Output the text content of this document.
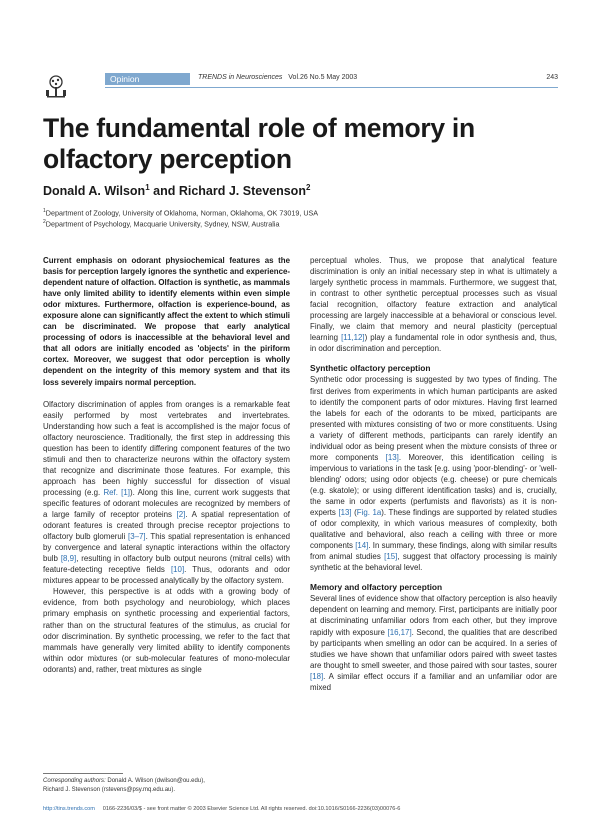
Opinion	TRENDS in Neurosciences Vol.26 No.5 May 2003	243
The fundamental role of memory in olfactory perception
Donald A. Wilson$^1$ and Richard J. Stevenson$^2$
$^1$Department of Zoology, University of Oklahoma, Norman, Oklahoma, OK 73019, USA
$^2$Department of Psychology, Macquarie University, Sydney, NSW, Australia

Current emphasis on odorant physiochemical features as the basis for perception largely ignores the synthetic and experience-dependent nature of olfaction. Olfaction is synthetic, as mammals have only limited ability to identify elements within even simple odor mixtures. Furthermore, olfaction is experience-bound, as exposure alone can significantly affect the extent to which stimuli can be discriminated. We propose that early analytical processing of odors is inaccessible at the behavioral level and that all odors are initially encoded as 'objects' in the piriform cortex. Moreover, we suggest that odor perception is wholly dependent on the integrity of this memory system and that its loss severely impairs normal perception.

Olfactory discrimination of apples from oranges is a remarkable feat easily performed by most vertebrates and invertebrates. Understanding how such a feat is accomplished is the major focus of olfactory neuroscience. Traditionally, the first step in addressing this question has been to identify differing component features of the two stimuli and then to characterize neurons within the olfactory system that recognize and discriminate those features. For example, this approach has been highly successful for dissection of visual processing (e.g. Ref. [1]). Along this line, current work suggests that specific features of odorant molecules are recognized by members of a large family of receptor proteins [2]. A spatial representation of odorant features is created through precise receptor projections to olfactory bulb glomeruli [3–7]. This spatial representation is enhanced by convergence and lateral synaptic interactions within the olfactory bulb [8,9], resulting in olfactory bulb output neurons (mitral cells) with feature-detecting receptive fields [10]. Thus, odorants and odor mixtures appear to be processed analytically by the olfactory system.

However, this perspective is at odds with a growing body of evidence, from both psychology and neurobiology, which places primary emphasis on synthetic processing and experiential factors, rather than on the structural features of the stimulus, as crucial for odor discrimination. By synthetic processing, we refer to the fact that mammals have generally very limited ability to identify components within odor mixtures (or sub-molecular features of mono-molecular odorants) and, rather, treat mixtures as single

perceptual wholes. Thus, we propose that analytical feature discrimination is only an initial necessary step in what is ultimately a largely synthetic process in mammals. Furthermore, we suggest that, in contrast to other synthetic perceptual processes such as visual facial recognition, olfactory feature extraction and analytical processing are largely inaccessible at a behavioral or conscious level. Finally, we claim that memory and neural plasticity (perceptual learning [11,12]) play a fundamental role in odor synthesis and, thus, in odor discrimination and perception.

Synthetic olfactory perception

Synthetic odor processing is suggested by two types of finding. The first derives from experiments in which human participants are asked to identify the component parts of odor mixtures. Having first learned the labels for each of the odorants to be mixed, participants are presented with mixtures consisting of two or more constituents. Using a variety of different methods, participants can rarely identify an individual odor as being present when the mixture consists of three or more components [13]. Moreover, this identification ceiling is impervious to variations in the task [e.g. using 'poor-blending'- or 'well-blending' odors; using odor objects (e.g. cheese) or pure chemicals (e.g. skatole); or using different identification tasks) and is, crucially, the same in odor experts (perfumists and flavorists) as it is non-experts [13] (Fig. 1a). These findings are supported by related studies of odor complexity, in which various measures of complexity, both qualitative and behavioral, also reach a ceiling with three or more components [14]. In summary, these findings, along with similar results from animal studies [15], suggest that olfactory processing is mainly synthetic at the behavioral level.

Memory and olfactory perception

Several lines of evidence show that olfactory perception is also heavily dependent on learning and memory. First, participants are initially poor at discriminating unfamiliar odors from each other, but they improve rapidly with exposure [16,17]. Second, the qualities that are described by participants when smelling an odor can be acquired. In a series of studies we have shown that unfamiliar odors paired with sweet tastes are thought to smell sweeter, and those paired with sour tastes, sourer [18]. A similar effect occurs if a familiar and an unfamiliar odor are mixed

Corresponding authors: Donald A. Wilson (dwilson@ou.edu),
Richard J. Stevenson (rstevens@psy.mq.edu.au).
http://tins.trends.com 0166-2236/03/$ - see front matter © 2003 Elsevier Science Ltd. All rights reserved. doi:10.1016/S0166-2236(03)00076-6
